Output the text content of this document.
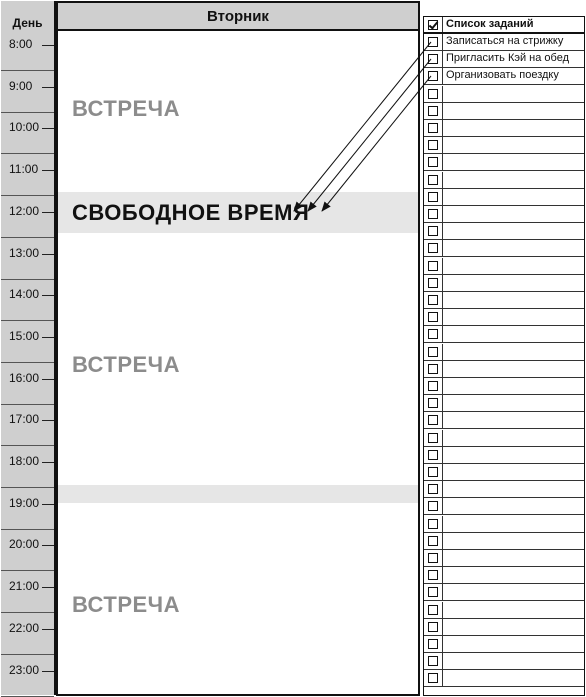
День
8:00
9:00
10:00
11:00
12:00
13:00
14:00
15:00
16:00
17:00
18:00
19:00
20:00
21:00
22:00
23:00
Вторник
ВСТРЕЧА
СВОБОДНОЕ ВРЕМЯ
ВСТРЕЧА
ВСТРЕЧА
Список заданий
Записаться на стрижку
Пригласить Кэй на обед
Организовать поездку
